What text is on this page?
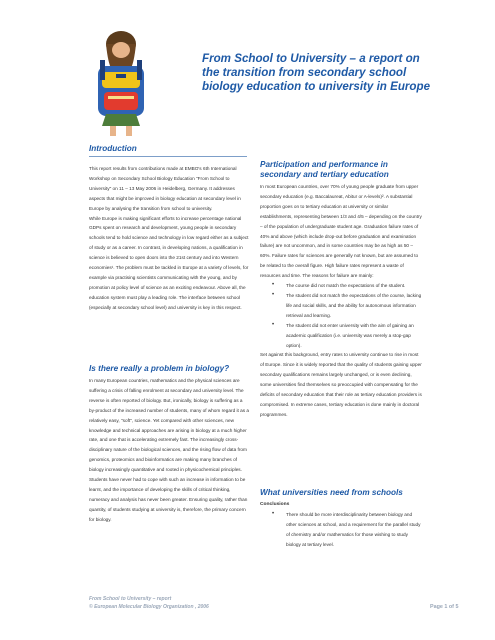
From School to University – a report on the transition from secondary school biology education to university in Europe
Introduction

This report results from contributions made at EMBO's 6th International Workshop on Secondary School Biology Education "From School to University" on 11 – 13 May 2006 in Heidelberg, Germany. It addresses aspects that might be improved in biology education at secondary level in Europe by analysing the transition from school to university.

While Europe is making significant efforts to increase percentage national GDPs spent on research and development, young people in secondary schools tend to hold science and technology in low regard either as a subject of study or as a career. In contrast, in developing nations, a qualification in science is believed to open doors into the 21st century and into Western economies¹. The problem must be tackled in Europe at a variety of levels, for example via practising scientists communicating with the young, and by promotion at policy level of science as an exciting endeavour. Above all, the education system must play a leading role. The interface between school (especially at secondary school level) and university is key in this respect.

Is there really a problem in biology?

In many European countries, mathematics and the physical sciences are suffering a crisis of falling enrolment at secondary and university level. The reverse is often reported of biology. But, ironically, biology is suffering as a by-product of the increased number of students, many of whom regard it as a relatively easy, "soft", science. Yet compared with other sciences, new knowledge and technical approaches are arising in biology at a much higher rate, and one that is accelerating extremely fast. The increasingly cross-disciplinary nature of the biological sciences, and the rising flow of data from genomics, proteomics and bioinformatics are making many branches of biology increasingly quantitative and rooted in physicochemical principles. Students have never had to cope with such an increase in information to be learnt, and the importance of developing the skills of critical thinking, numeracy and analysis has never been greater. Ensuring quality, rather than quantity, of students studying at university is, therefore, the primary concern for biology.

Participation and performance in secondary and tertiary education

In most European countries, over 70% of young people graduate from upper secondary education (e.g. Baccalaureat, Abitur or A-levels)². A substantial proportion goes on to tertiary education at university or similar establishments, representing between 1/3 and 4/5 – depending on the country – of the population of undergraduate student age. Graduation failure rates of 40% and above (which include drop-out before graduation and examination failure) are not uncommon, and in some countries may be as high as 50 – 60%. Failure rates for sciences are generally not known, but are assumed to be related to the overall figure. High failure rates represent a waste of resources and time. The reasons for failure are mainly:

•	The course did not match the expectations of the student.
•	The student did not match the expectations of the course, lacking life and social skills, and the ability for autonomous information retrieval and learning.
•	The student did not enter university with the aim of gaining an academic qualification (i.e. university was merely a stop-gap option).

Set against this background, entry rates to university continue to rise in most of Europe. Since it is widely reported that the quality of students gaining upper secondary qualifications remains largely unchanged, or is even declining, some universities find themselves so preoccupied with compensating for the deficits of secondary education that their role as tertiary education providers is compromised. In extreme cases, tertiary education is done mainly in doctoral programmes.

What universities need from schools

Conclusions

•	There should be more interdisciplinarity between biology and other sciences at school, and a requirement for the parallel study of chemistry and/or mathematics for those wishing to study biology at tertiary level.
From School to University – report
© European Molecular Biology Organization , 2006	Page 1 of 5
